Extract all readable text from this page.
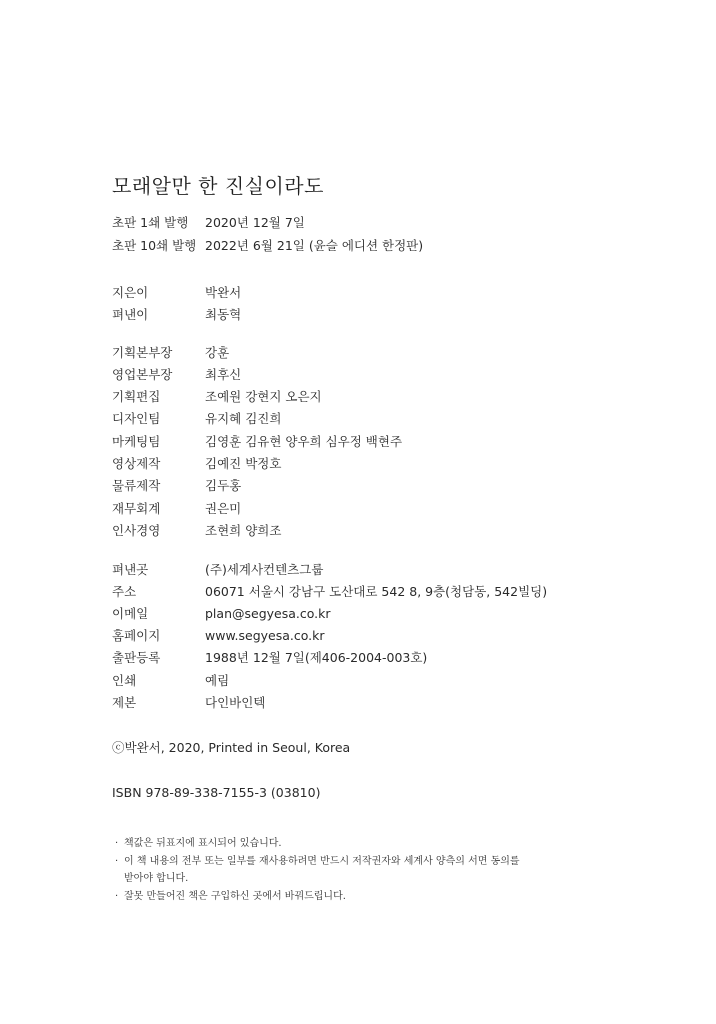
모래알만 한 진실이라도
초판 1쇄 발행 2020년 12월 7일
초판 10쇄 발행 2022년 6월 21일 (윤슬 에디션 한정판)
지은이	박완서
펴낸이	최동혁
기획본부장	강훈
영업본부장	최후신
기획편집	조예원 강현지 오은지
디자인팀	유지혜 김진희
마케팅팀	김영훈 김유현 양우희 심우정 백현주
영상제작	김예진 박정호
물류제작	김두홍
재무회계	권은미
인사경영	조현희 양희조
펴낸곳	(주)세계사컨텐츠그룹
주소	06071 서울시 강남구 도산대로 542 8, 9층(청담동, 542빌딩)
이메일	plan@segyesa.co.kr
홈페이지	www.segyesa.co.kr
출판등록	1988년 12월 7일(제406-2004-003호)
인쇄	예림
제본	다인바인텍
ⓒ박완서, 2020, Printed in Seoul, Korea
ISBN 978-89-338-7155-3 (03810)
· 책값은 뒤표지에 표시되어 있습니다.
· 이 책 내용의 전부 또는 일부를 재사용하려면 반드시 저작권자와 세계사 양측의 서면 동의를
받아야 합니다.
· 잘못 만들어진 책은 구입하신 곳에서 바꿔드립니다.
